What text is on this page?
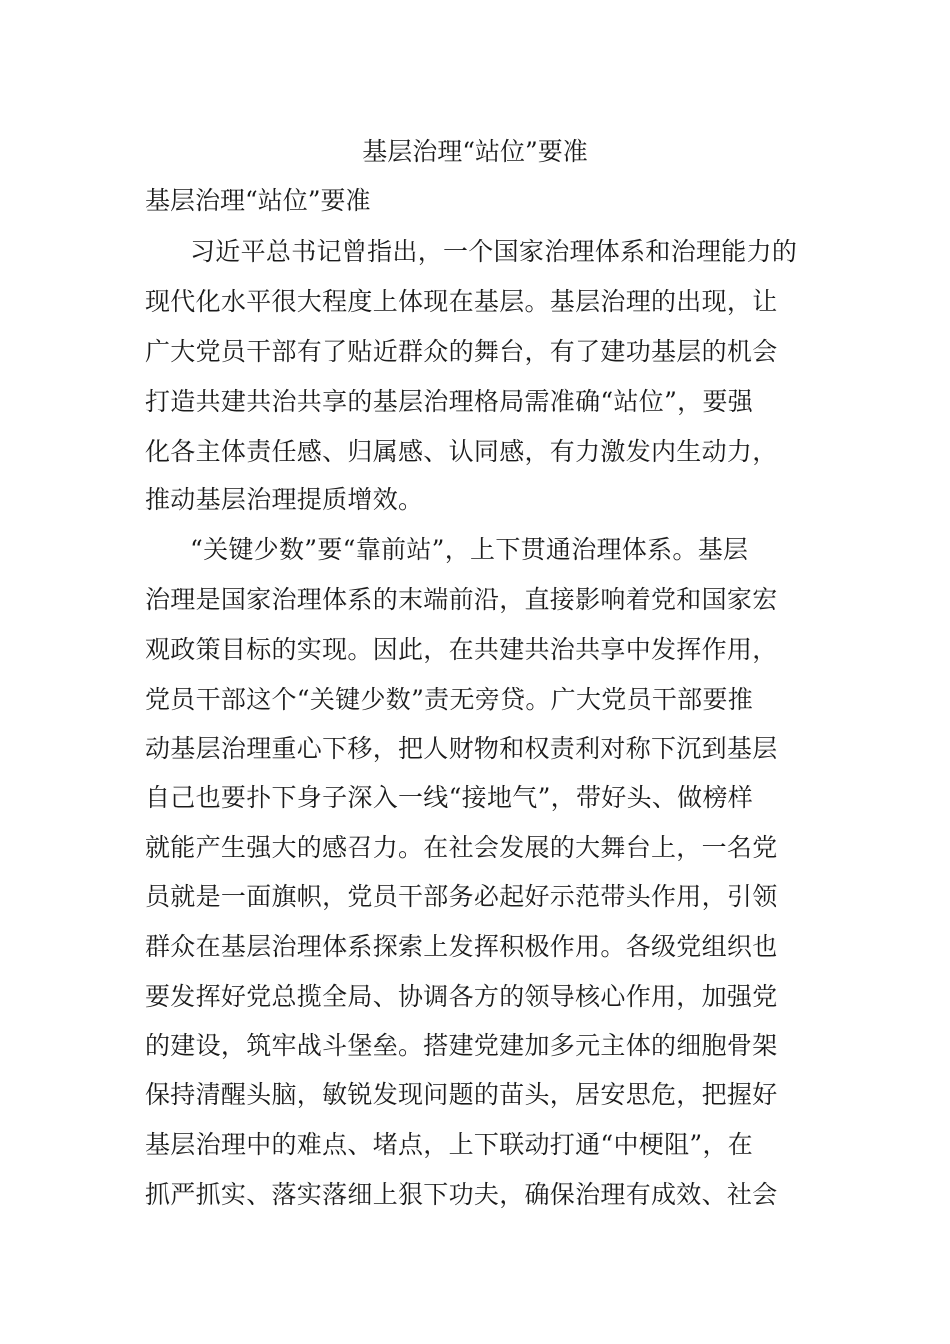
基层治理“站位”要准
基层治理“站位”要准
习近平总书记曾指出，一个国家治理体系和治理能力的
现代化水平很大程度上体现在基层。基层治理的出现，让
广大党员干部有了贴近群众的舞台，有了建功基层的机会
打造共建共治共享的基层治理格局需准确“站位”，要强
化各主体责任感、归属感、认同感，有力激发内生动力，
推动基层治理提质增效。
“关键少数”要“靠前站”，上下贯通治理体系。基层
治理是国家治理体系的末端前沿，直接影响着党和国家宏
观政策目标的实现。因此，在共建共治共享中发挥作用，
党员干部这个“关键少数”责无旁贷。广大党员干部要推
动基层治理重心下移，把人财物和权责利对称下沉到基层
自己也要扑下身子深入一线“接地气”，带好头、做榜样
就能产生强大的感召力。在社会发展的大舞台上，一名党
员就是一面旗帜，党员干部务必起好示范带头作用，引领
群众在基层治理体系探索上发挥积极作用。各级党组织也
要发挥好党总揽全局、协调各方的领导核心作用，加强党
的建设，筑牢战斗堡垒。搭建党建加多元主体的细胞骨架
保持清醒头脑，敏锐发现问题的苗头，居安思危，把握好
基层治理中的难点、堵点，上下联动打通“中梗阻”，在
抓严抓实、落实落细上狠下功夫，确保治理有成效、社会
